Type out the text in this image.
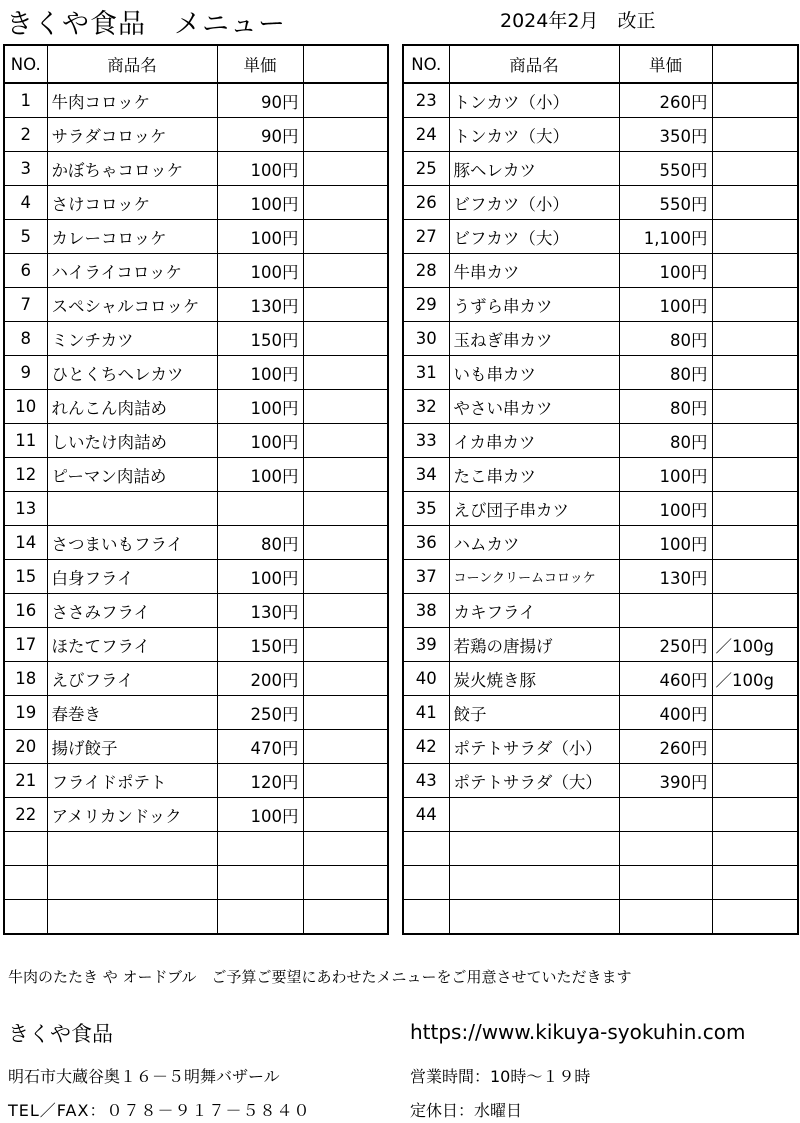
きくや食品　メニュー	2024年2月　改正
NO.	商品名	単価	
1	牛肉コロッケ	90円	
2	サラダコロッケ	90円	
3	かぼちゃコロッケ	100円	
4	さけコロッケ	100円	
5	カレーコロッケ	100円	
6	ハイライコロッケ	100円	
7	スペシャルコロッケ	130円	
8	ミンチカツ	150円	
9	ひとくちヘレカツ	100円	
10	れんこん肉詰め	100円	
11	しいたけ肉詰め	100円	
12	ピーマン肉詰め	100円	
13			
14	さつまいもフライ	80円	
15	白身フライ	100円	
16	ささみフライ	130円	
17	ほたてフライ	150円	
18	えびフライ	200円	
19	春巻き	250円	
20	揚げ餃子	470円	
21	フライドポテト	120円	
22	アメリカンドック	100円	

NO.	商品名	単価	
23	トンカツ（小）	260円	
24	トンカツ（大）	350円	
25	豚ヘレカツ	550円	
26	ビフカツ（小）	550円	
27	ビフカツ（大）	1,100円	
28	牛串カツ	100円	
29	うずら串カツ	100円	
30	玉ねぎ串カツ	80円	
31	いも串カツ	80円	
32	やさい串カツ	80円	
33	イカ串カツ	80円	
34	たこ串カツ	100円	
35	えび団子串カツ	100円	
36	ハムカツ	100円	
37	コーンクリームコロッケ	130円	
38	カキフライ		
39	若鶏の唐揚げ	250円	／100g
40	炭火焼き豚	460円	／100g
41	餃子	400円	
42	ポテトサラダ（小）	260円	
43	ポテトサラダ（大）	390円	
44			

牛肉のたたき や オードブル　ご予算ご要望にあわせたメニューをご用意させていただきます
きくや食品	https://www.kikuya-syokuhin.com
明石市大蔵谷奥１６－５明舞バザール	営業時間：10時～１９時
TEL／FAX：０７８－９１７－５８４０	定休日：水曜日
